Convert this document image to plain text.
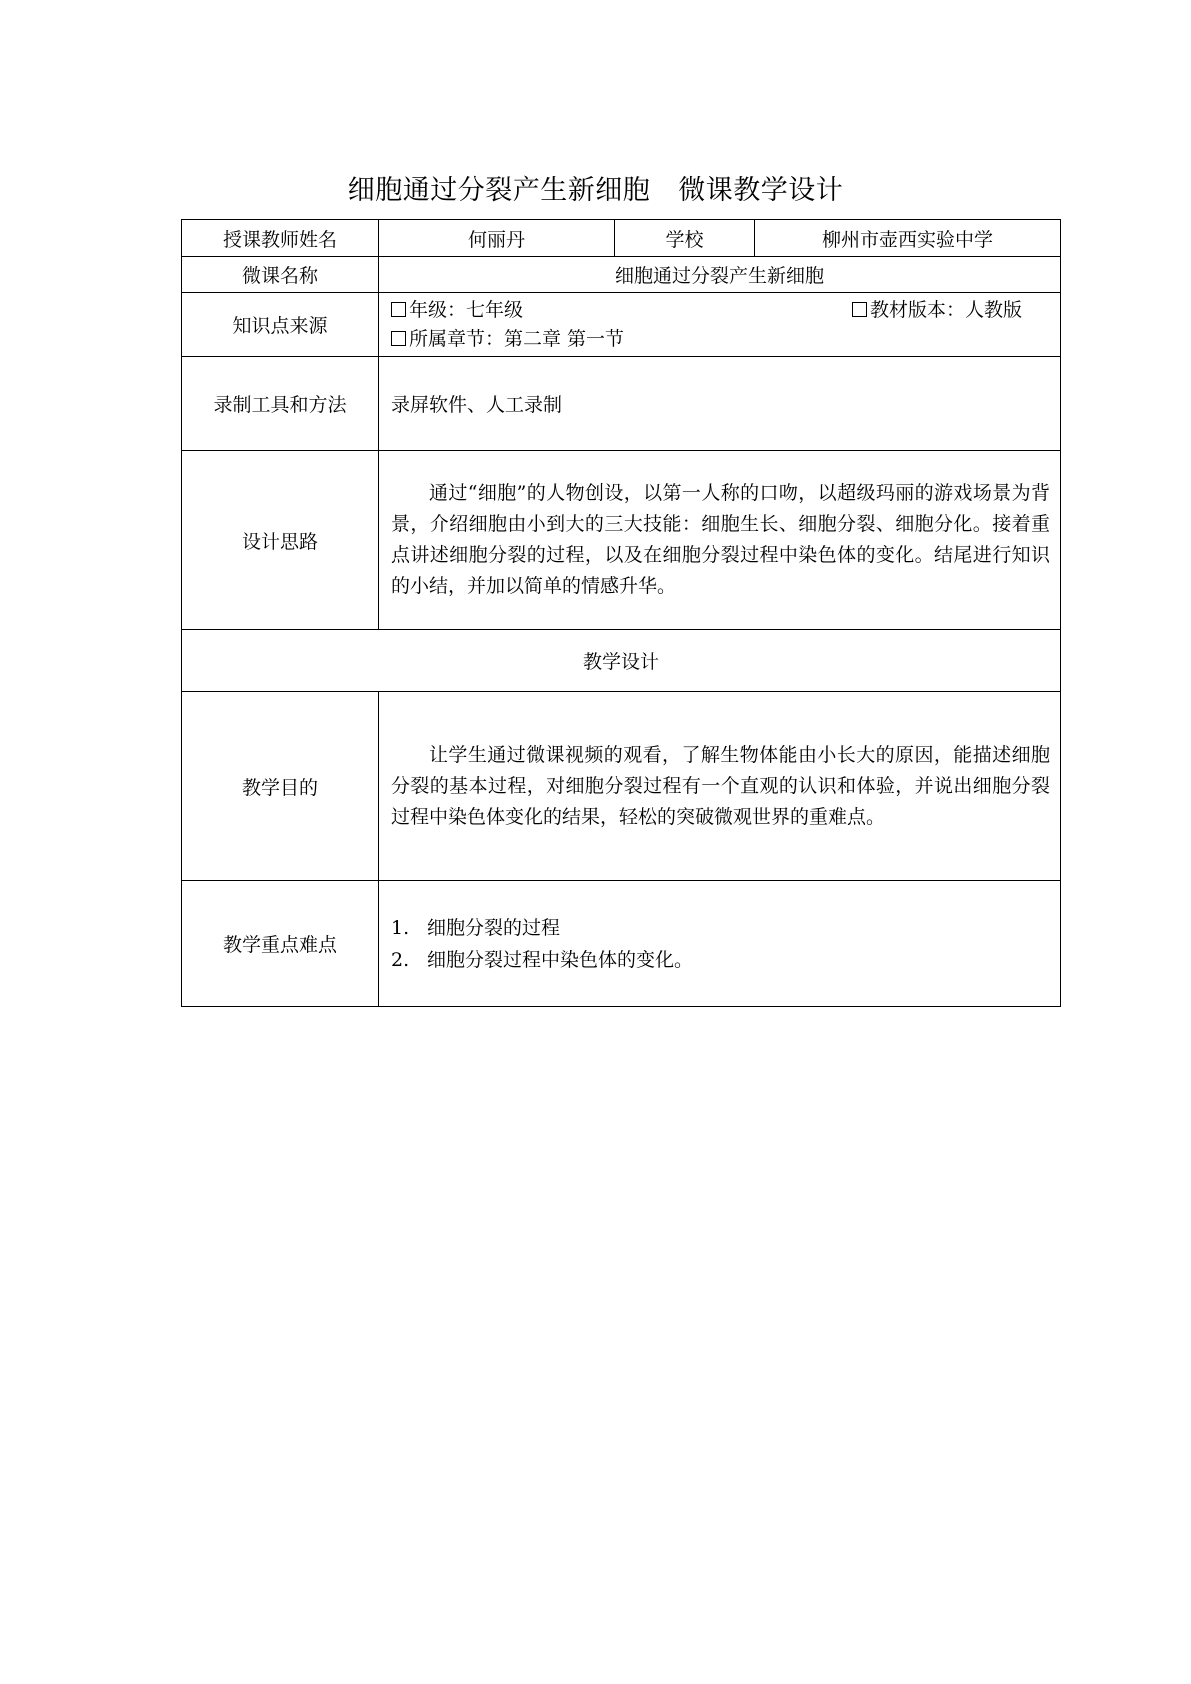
细胞通过分裂产生新细胞 微课教学设计
授课教师姓名	何丽丹	学校	柳州市壶西实验中学
微课名称	细胞通过分裂产生新细胞		
知识点来源	年级：七年级 教材版本：人教版
所属章节：第二章 第一节		

录制工具和方法	录屏软件、人工录制		
设计思路	通过“细胞”的人物创设，以第一人称的口吻，以超级玛丽的游戏场景为背景，介绍细胞由小到大的三大技能：细胞生长、细胞分裂、细胞分化。接着重点讲述细胞分裂的过程，以及在细胞分裂过程中染色体的变化。结尾进行知识的小结，并加以简单的情感升华。		

教学设计			
教学目的	让学生通过微课视频的观看，了解生物体能由小长大的原因，能描述细胞分裂的基本过程，对细胞分裂过程有一个直观的认识和体验，并说出细胞分裂过程中染色体变化的结果，轻松的突破微观世界的重难点。		

教学重点难点	1. 细胞分裂的过程
2. 细胞分裂过程中染色体的变化。		
